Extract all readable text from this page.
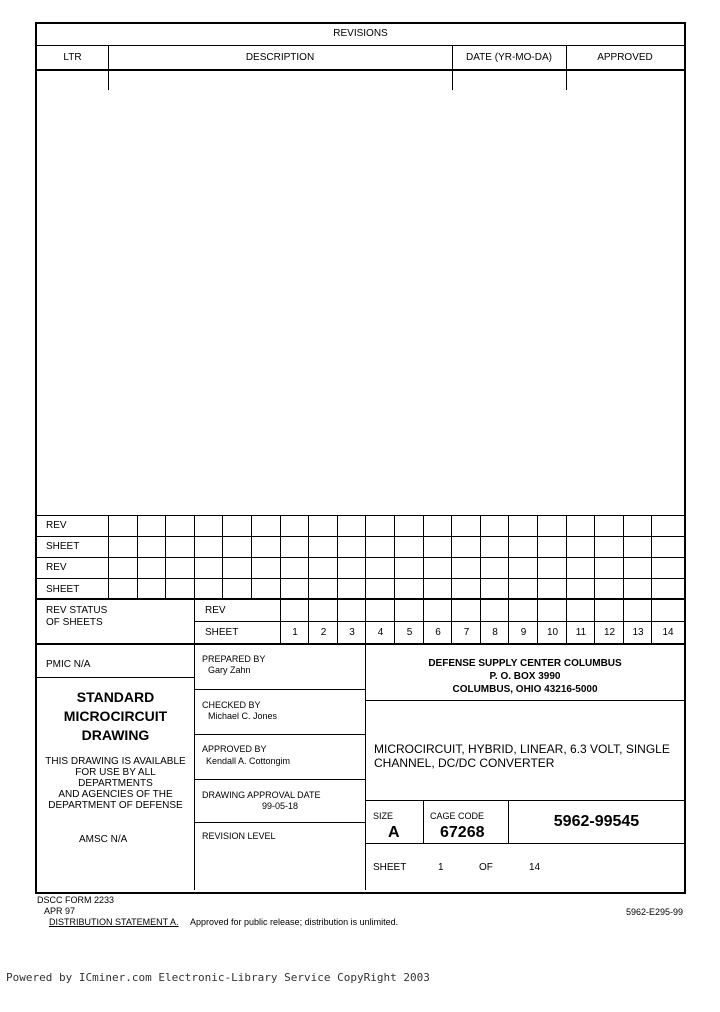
REVISIONS
LTR	DESCRIPTION	DATE (YR-MO-DA)	APPROVED
REV
SHEET
REV
SHEET
REV STATUS
OF SHEETS
REV
SHEET	1	2	3	4	5	6	7	8	9	10	11	12	13	14
PMIC N/A
STANDARD
MICROCIRCUIT
DRAWING
THIS DRAWING IS AVAILABLE
FOR USE BY ALL
DEPARTMENTS
AND AGENCIES OF THE
DEPARTMENT OF DEFENSE
AMSC N/A
PREPARED BY
Gary Zahn
CHECKED BY
Michael C. Jones
APPROVED BY
Kendall A. Cottongim
DRAWING APPROVAL DATE
99-05-18
REVISION LEVEL
DEFENSE SUPPLY CENTER COLUMBUS
P. O. BOX 3990
COLUMBUS, OHIO 43216-5000
MICROCIRCUIT, HYBRID, LINEAR, 6.3 VOLT, SINGLE
CHANNEL, DC/DC CONVERTER
SIZE
A
CAGE CODE
67268
5962-99545
SHEET	1	OF	14
DSCC FORM 2233
APR 97
DISTRIBUTION STATEMENT A. Approved for public release; distribution is unlimited.
5962-E295-99
Powered by ICminer.com Electronic-Library Service CopyRight 2003
